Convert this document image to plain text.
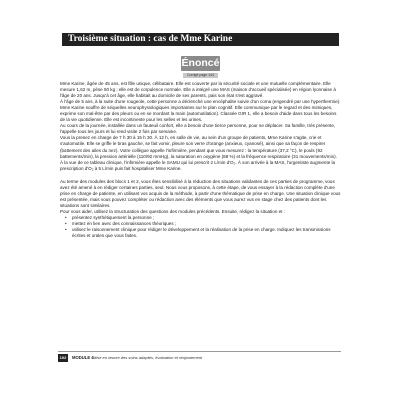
Troisième situation : cas de Mme Karine
Énoncé
Corrigé page 144

Mme Karine, âgée de 45 ans, est fille unique, célibataire. Elle est couverte par la sécurité sociale et une mutuelle complémentaire. Elle mesure 1,62 m, pèse 50 kg ; elle est de corpulence normale. Elle a intégré une MAS (maison d'accueil spécialisée) en région lyonnaise à l'âge de 20 ans. Jusqu'à cet âge, elle habitait au domicile de ses parents, pais son état s'est aggravé.

À l'âge de 5 ans, à la suite d'une rougeole, cette personne a déclenché une encéphalite suivie d'un coma (engendré par une hyperthermie). Mme Karine souffre de séquelles neurophysiologiques importantes sur le plan cognitif. Elle communique par le regard et des mimiques, exprime son mal-être par des pleurs ou en se mordant la main (automutilation). Classée GIR 1, elle a besoin d'aide dans tous les besoins de la vie quotidienne. Elle est incontinente pour les selles et les urines.

Au cours de la journée, installée dans un fauteuil confort, elle a besoin d'une tierce personne, pour se déplacer. Sa famille, très présente, l'appelle tous les jours et lui rend visite 2 fois par semaine.

Vous la prenez en charge de 7 h 30 à 15 h 30. À 12 h, en salle de vie, au sein d'un groupe de patients, Mme Karine s'agite, crie et s'automutile. Elle se griffe le bras gauche, se fait vomir, pleure son verre d'orange (anxieux, cyanosé), ainsi que sa façon de respirer (battement des ailes du nez). Votre collègue appelle l'infirmière, pendant que vous mesurez : la température (37,2 °C), le pouls (92 battements/min), la pression artérielle (110/92 mmHg), la saturation en oxygène (88 %) et la fréquence respiratoire (31 mouvements/min). À la vue de ce tableau clinique, l'infirmière appelle le SAMU qui lui prescrit 2 L/min d'O₂. À son arrivée à la MAS, l'urgentiste augmente la prescription d'O₂ à 5 L/min puis fait hospitaliser Mme Karine.

Au terme des modules des blocs 1 et 2, vous êtes sensibilisé à la réduction des situations validantes de ces parties de programme, vous avez été amené à en rédiger certaines parties, seul. Nous vous proposons, à cette étape, de vous essayer à la rédaction complète d'une prise en charge de patiente, en utilisant vos acquis de la méthode, à partir d'une thématique de prise en charge. Une situation clinique vous est présentée, mais vous pouvez compléter ou rédaction avec des éléments que vous aurez vus en stage chez des patients dont les situations sont similaires.

Pour vous aider, utilisez la structuration des questions des modules précédents. Ensuite, rédigez la situation et :

• présentez synthétiquement la personne ;
• mettez en lien avec des connaissances théoriques ;
• utilisez le raisonnement clinique pour rédiger le développement et la réalisation de la prise en charge. Indiquez les transmissions écrites et orales que vous faites.
102	MODULE 4 Mise en œuvre des soins adaptés, évaluation et réajustement
